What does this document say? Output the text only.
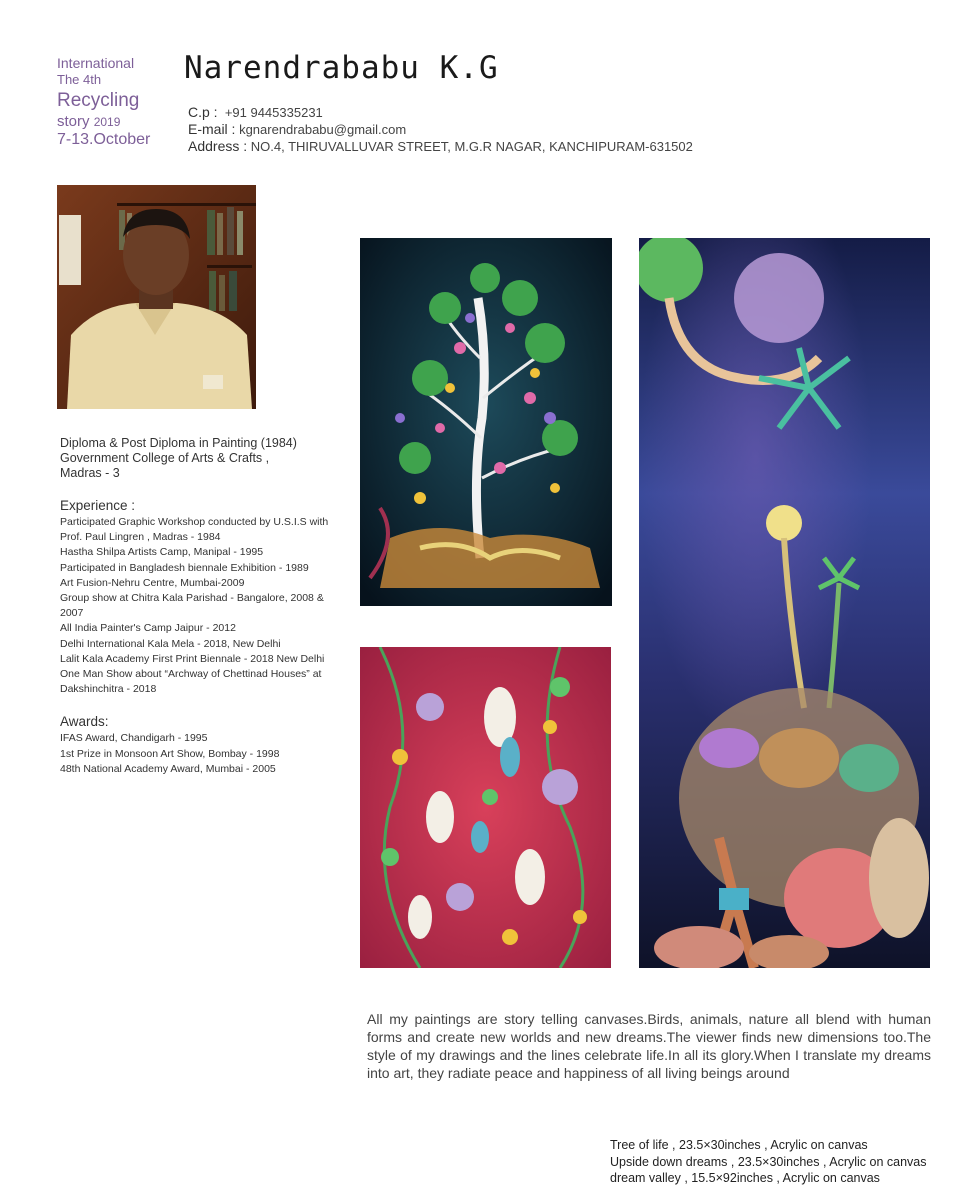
International
The 4th
Recycling
story 2019
7-13.October
Narendrababu K.G
C.p : +91 9445335231
E-mail : kgnarendrababu@gmail.com
Address : NO.4, THIRUVALLUVAR STREET, M.G.R NAGAR, KANCHIPURAM-631502
Diploma & Post Diploma in Painting (1984)
Government College of Arts & Crafts ,
Madras - 3
Experience :
Participated Graphic Workshop conducted by U.S.I.S with
Prof. Paul Lingren , Madras - 1984
Hastha Shilpa Artists Camp, Manipal - 1995
Participated in Bangladesh biennale Exhibition - 1989
Art Fusion-Nehru Centre, Mumbai-2009
Group show at Chitra Kala Parishad - Bangalore, 2008 &
2007
All India Painter's Camp Jaipur - 2012
Delhi International Kala Mela - 2018, New Delhi
Lalit Kala Academy First Print Biennale - 2018 New Delhi
One Man Show about “Archway of Chettinad Houses” at
Dakshinchitra - 2018
Awards:
IFAS Award, Chandigarh - 1995
1st Prize in Monsoon Art Show, Bombay - 1998
48th National Academy Award, Mumbai - 2005
All my paintings are story telling canvases.Birds, animals, nature all blend with human forms and create new worlds and new dreams.The viewer finds new dimensions too.The style of my drawings and the lines celebrate life.In all its glory.When I translate my dreams into art, they radiate peace and happiness of all living beings around
Tree of life , 23.5×30inches , Acrylic on canvas
Upside down dreams , 23.5×30inches , Acrylic on canvas
dream valley , 15.5×92inches , Acrylic on canvas
